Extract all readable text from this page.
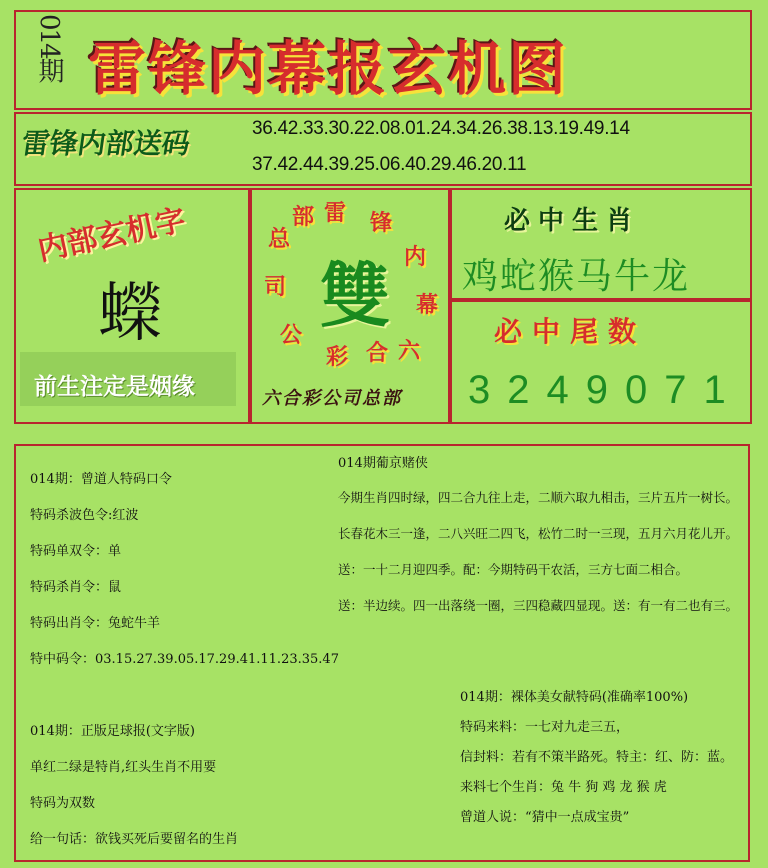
014期 雷锋内幕报玄机图
雷锋内部送码	36.42.33.30.22.08.01.24.34.26.38.13.19.49.14
37.42.44.39.25.06.40.29.46.20.11
内部玄机字
蠑
前生注定是姻缘
雷 锋
内
幕
六
合
彩
公
司
总
部
雙
六合彩公司总部
必中生肖
鸡蛇猴马牛龙
必中尾数
3249071
014期：曾道人特码口令
特码杀波色令:红波
特码单双令：单
特码杀肖令：鼠
特码出肖令：兔蛇牛羊
特中码令：03.15.27.39.05.17.29.41.11.23.35.47
014期：正版足球报(文字版)
单红二绿是特肖,红头生肖不用要
特码为双数
给一句话：欲钱买死后要留名的生肖
014期葡京赌侠
今期生肖四时绿，四二合九往上走，二顺六取九相击，三片五片一树长。
长春花木三一逢，二八兴旺二四飞，松竹二时一三现，五月六月花儿开。
送：一十二月迎四季。配：今期特码干农活，三方七面二相合。
送：半边续。四一出落绕一圈，三四稳藏四显现。送：有一有二也有三。
014期：裸体美女献特码(准确率100%)
特码来料：一七对九走三五，
信封料：若有不策半路死。特主：红、防：蓝。
来料七个生肖：兔 牛 狗 鸡 龙 猴 虎
曾道人说：“猜中一点成宝贵”
